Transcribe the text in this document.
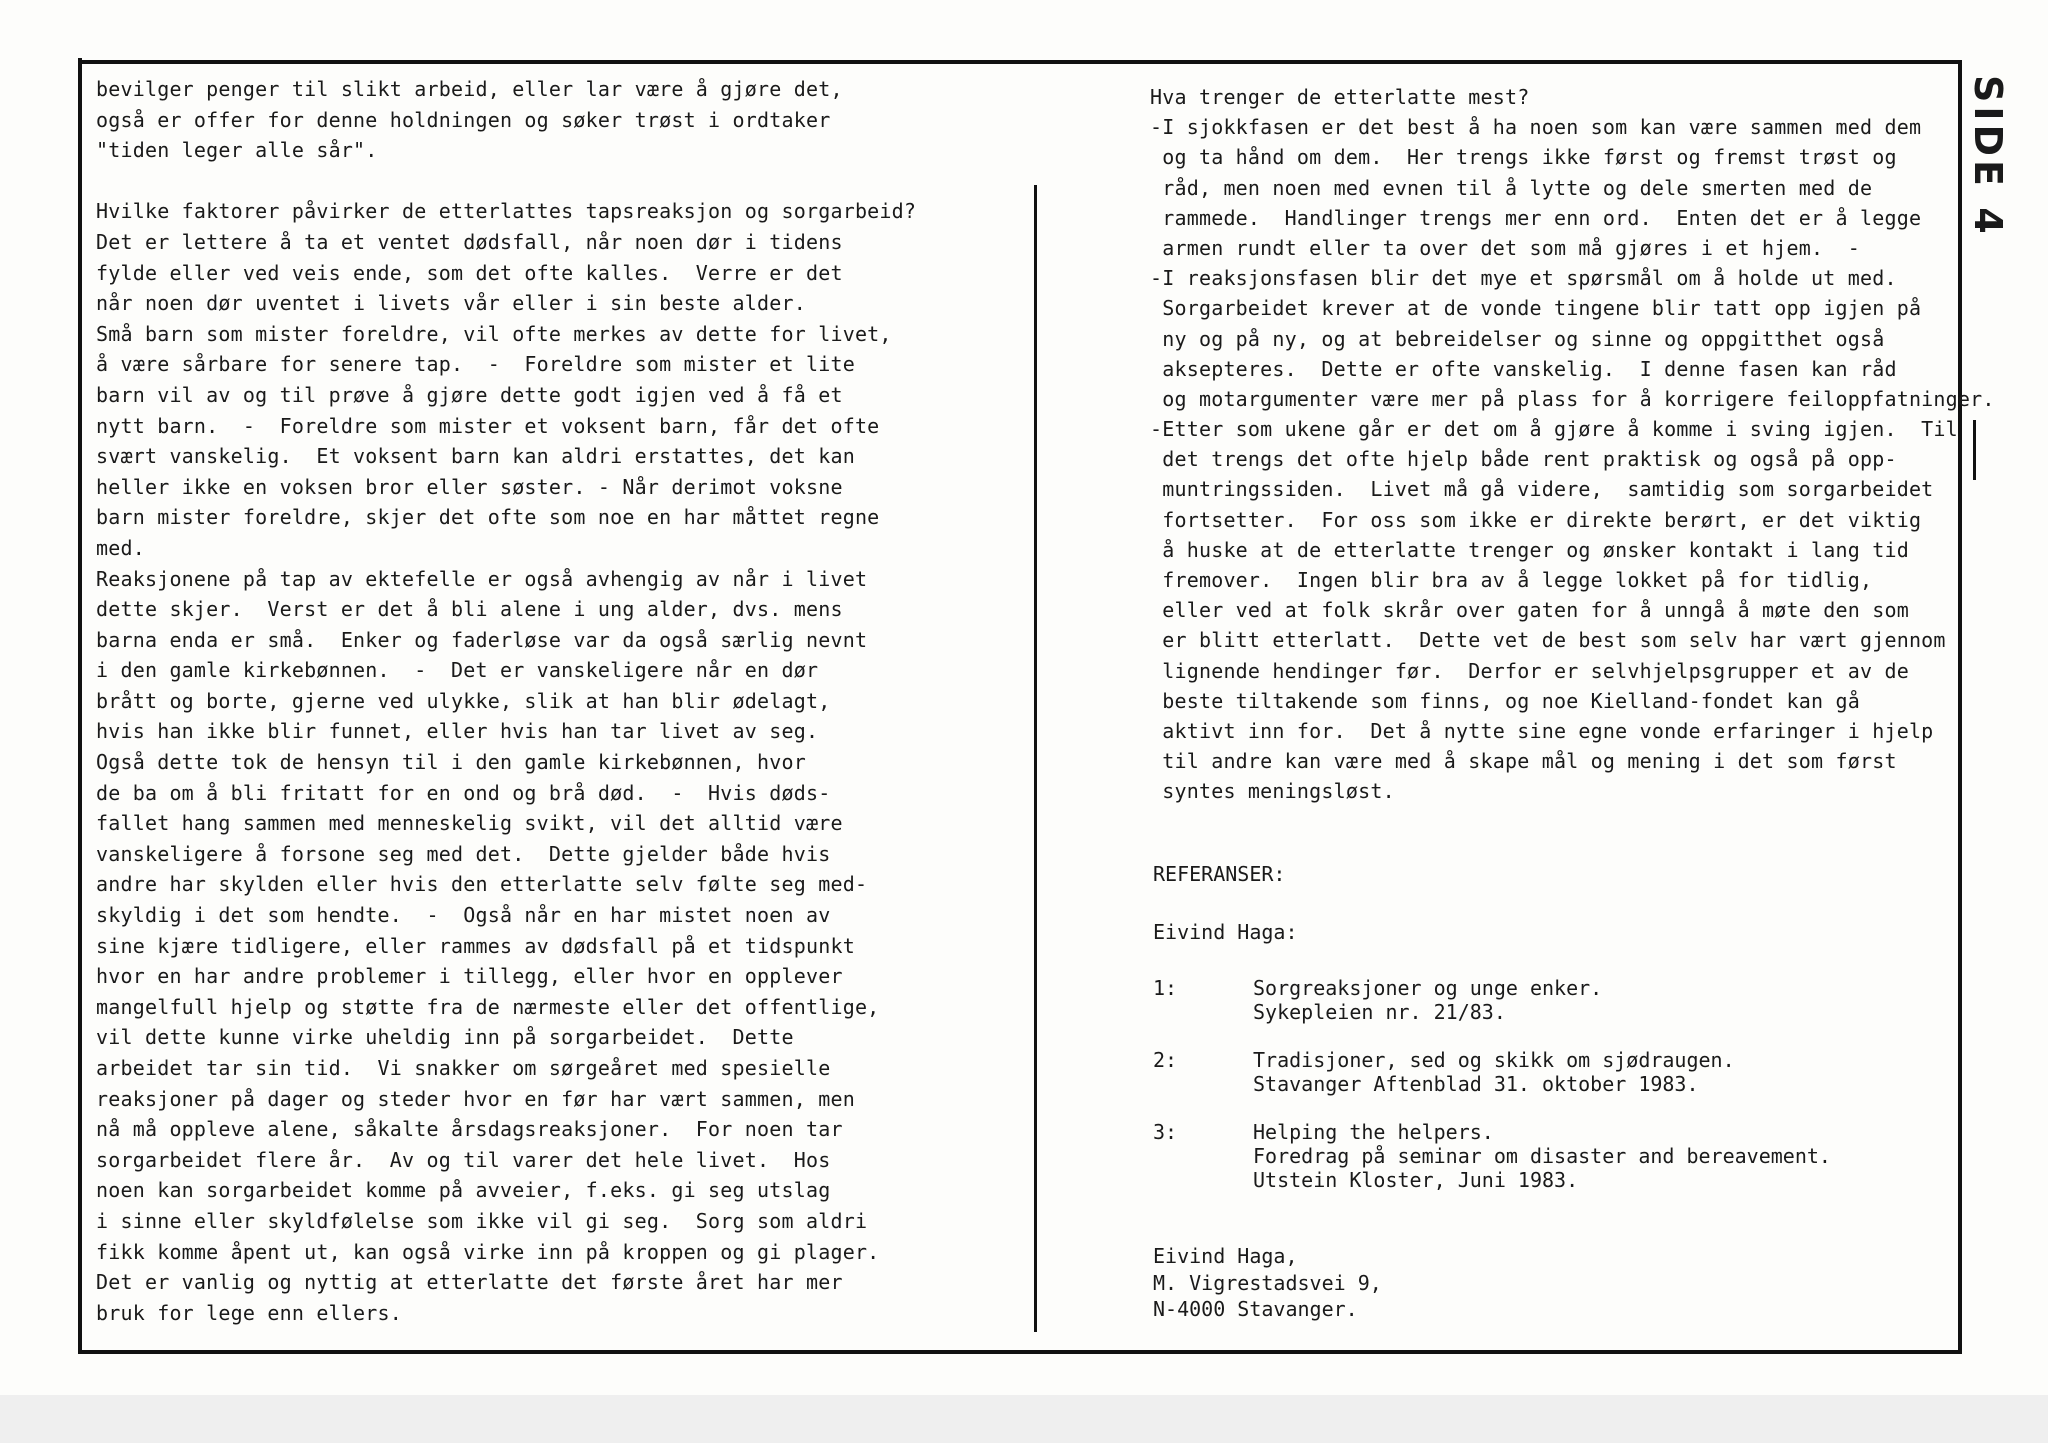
SIDE 4
bevilger penger til slikt arbeid, eller lar være å gjøre det,
også er offer for denne holdningen og søker trøst i ordtaker
"tiden leger alle sår".
Hvilke faktorer påvirker de etterlattes tapsreaksjon og sorgarbeid?
Det er lettere å ta et ventet dødsfall, når noen dør i tidens
fylde eller ved veis ende, som det ofte kalles.  Verre er det
når noen dør uventet i livets vår eller i sin beste alder.
Små barn som mister foreldre, vil ofte merkes av dette for livet,
å være sårbare for senere tap.  -  Foreldre som mister et lite
barn vil av og til prøve å gjøre dette godt igjen ved å få et
nytt barn.  -  Foreldre som mister et voksent barn, får det ofte
svært vanskelig.  Et voksent barn kan aldri erstattes, det kan
heller ikke en voksen bror eller søster. - Når derimot voksne
barn mister foreldre, skjer det ofte som noe en har måttet regne
med.
Reaksjonene på tap av ektefelle er også avhengig av når i livet
dette skjer.  Verst er det å bli alene i ung alder, dvs. mens
barna enda er små.  Enker og faderløse var da også særlig nevnt
i den gamle kirkebønnen.  -  Det er vanskeligere når en dør
brått og borte, gjerne ved ulykke, slik at han blir ødelagt,
hvis han ikke blir funnet, eller hvis han tar livet av seg.
Også dette tok de hensyn til i den gamle kirkebønnen, hvor
de ba om å bli fritatt for en ond og brå død.  -  Hvis døds-
fallet hang sammen med menneskelig svikt, vil det alltid være
vanskeligere å forsone seg med det.  Dette gjelder både hvis
andre har skylden eller hvis den etterlatte selv følte seg med-
skyldig i det som hendte.  -  Også når en har mistet noen av
sine kjære tidligere, eller rammes av dødsfall på et tidspunkt
hvor en har andre problemer i tillegg, eller hvor en opplever
mangelfull hjelp og støtte fra de nærmeste eller det offentlige,
vil dette kunne virke uheldig inn på sorgarbeidet.  Dette
arbeidet tar sin tid.  Vi snakker om sørgeåret med spesielle
reaksjoner på dager og steder hvor en før har vært sammen, men
nå må oppleve alene, såkalte årsdagsreaksjoner.  For noen tar
sorgarbeidet flere år.  Av og til varer det hele livet.  Hos
noen kan sorgarbeidet komme på avveier, f.eks. gi seg utslag
i sinne eller skyldfølelse som ikke vil gi seg.  Sorg som aldri
fikk komme åpent ut, kan også virke inn på kroppen og gi plager.
Det er vanlig og nyttig at etterlatte det første året har mer
bruk for lege enn ellers.
Hva trenger de etterlatte mest?
-I sjokkfasen er det best å ha noen som kan være sammen med dem
og ta hånd om dem.  Her trengs ikke først og fremst trøst og
råd, men noen med evnen til å lytte og dele smerten med de
rammede.  Handlinger trengs mer enn ord.  Enten det er å legge
armen rundt eller ta over det som må gjøres i et hjem.  -
-I reaksjonsfasen blir det mye et spørsmål om å holde ut med.
Sorgarbeidet krever at de vonde tingene blir tatt opp igjen på
ny og på ny, og at bebreidelser og sinne og oppgitthet også
aksepteres.  Dette er ofte vanskelig.  I denne fasen kan råd
og motargumenter være mer på plass for å korrigere feiloppfatninger.
-Etter som ukene går er det om å gjøre å komme i sving igjen.  Til
det trengs det ofte hjelp både rent praktisk og også på opp-
muntringssiden.  Livet må gå videre,  samtidig som sorgarbeidet
fortsetter.  For oss som ikke er direkte berørt, er det viktig
å huske at de etterlatte trenger og ønsker kontakt i lang tid
fremover.  Ingen blir bra av å legge lokket på for tidlig,
eller ved at folk skrår over gaten for å unngå å møte den som
er blitt etterlatt.  Dette vet de best som selv har vært gjennom
lignende hendinger før.  Derfor er selvhjelpsgrupper et av de
beste tiltakende som finns, og noe Kielland-fondet kan gå
aktivt inn for.  Det å nytte sine egne vonde erfaringer i hjelp
til andre kan være med å skape mål og mening i det som først
syntes meningsløst.
REFERANSER:
Eivind Haga:
1:	Sorgreaksjoner og unge enker.
Sykepleien nr. 21/83.
2:	Tradisjoner, sed og skikk om sjødraugen.
Stavanger Aftenblad 31. oktober 1983.
3:	Helping the helpers.
Foredrag på seminar om disaster and bereavement.
Utstein Kloster, Juni 1983.
Eivind Haga,
M. Vigrestadsvei 9,
N-4000 Stavanger.
